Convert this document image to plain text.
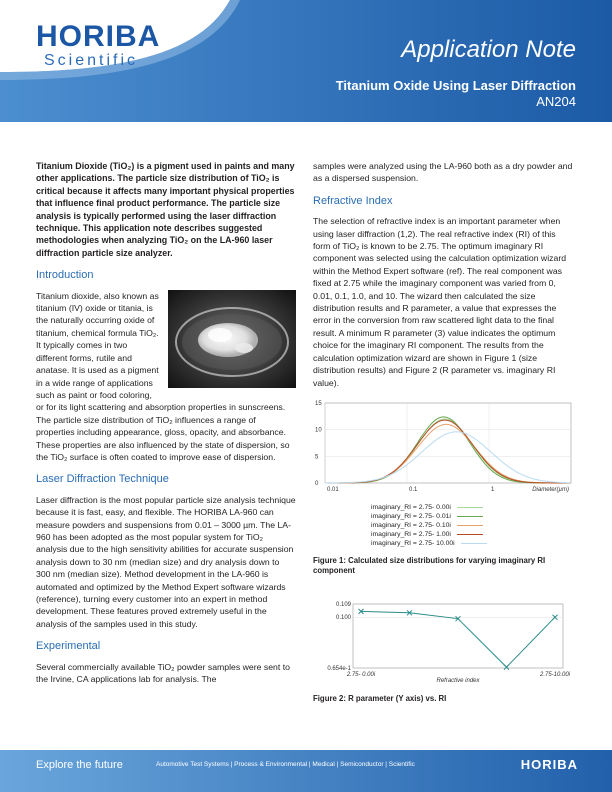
HORIBA
Scientific	Application Note
Titanium Oxide Using Laser Diffraction
AN204

Titanium Dioxide (TiO₂) is a pigment used in paints and many other applications. The particle size distribution of TiO₂ is critical because it affects many important physical properties that influence final product performance. The particle size analysis is typically performed using the laser diffraction technique. This application note describes suggested methodologies when analyzing TiO₂ on the LA-960 laser diffraction particle size analyzer.

Introduction

Titanium dioxide, also known as titanium (IV) oxide or titania, is the naturally occurring oxide of titanium, chemical formula TiO₂. It typically comes in two different forms, rutile and anatase. It is used as a pigment in a wide range of applications such as paint or food coloring, or for its light scattering and absorption properties in sunscreens. The particle size distribution of TiO₂ influences a range of properties including appearance, gloss, opacity, and absorbance. These properties are also influenced by the state of dispersion, so the TiO₂ surface is often coated to improve ease of dispersion.

Laser Diffraction Technique

Laser diffraction is the most popular particle size analysis technique because it is fast, easy, and flexible. The HORIBA LA-960 can measure powders and suspensions from 0.01 – 3000 µm. The LA-960 has been adopted as the most popular system for TiO₂ analysis due to the high sensitivity abilities for accurate suspension analysis down to 30 nm (median size) and dry analysis down to 300 nm (median size). Method development in the LA-960 is automated and optimized by the Method Expert software wizards (reference), turning every customer into an expert in method development. These features proved extremely useful in the analysis of the samples used in this study.

Experimental

Several commercially available TiO₂ powder samples were sent to the Irvine, CA applications lab for analysis. The

samples were analyzed using the LA-960 both as a dry powder and as a dispersed suspension.

Refractive Index

The selection of refractive index is an important parameter when using laser diffraction (1,2). The real refractive index (RI) of this form of TiO₂ is known to be 2.75. The optimum imaginary RI component was selected using the calculation optimization wizard within the Method Expert software (ref). The real component was fixed at 2.75 while the imaginary component was varied from 0, 0.01, 0.1, 1.0, and 10. The wizard then calculated the size distribution results and R parameter, a value that expresses the error in the conversion from raw scattered light data to the final result. A minimum R parameter (3) value indicates the optimum choice for the imaginary RI component. The results from the calculation optimization wizard are shown in Figure 1 (size distribution results) and Figure 2 (R parameter vs. imaginary RI value).

0.01	0.1	1
15
10
5
0
Diameter(µm)
imaginary_RI = 2.75- 0.00i
imaginary_RI = 2.75- 0.01i
imaginary_RI = 2.75- 0.10i
imaginary_RI = 2.75- 1.00i
imaginary_RI = 2.75- 10.00i

Figure 1: Calculated size distributions for varying imaginary RI component

0.109
0.100
0.654e-1
2.75- 0.00i	2.75-10.00i
Refractive index

Figure 2: R parameter (Y axis) vs. RI

Explore the future	Automotive Test Systems | Process & Environmental | Medical | Semiconductor | Scientific	HORIBA
